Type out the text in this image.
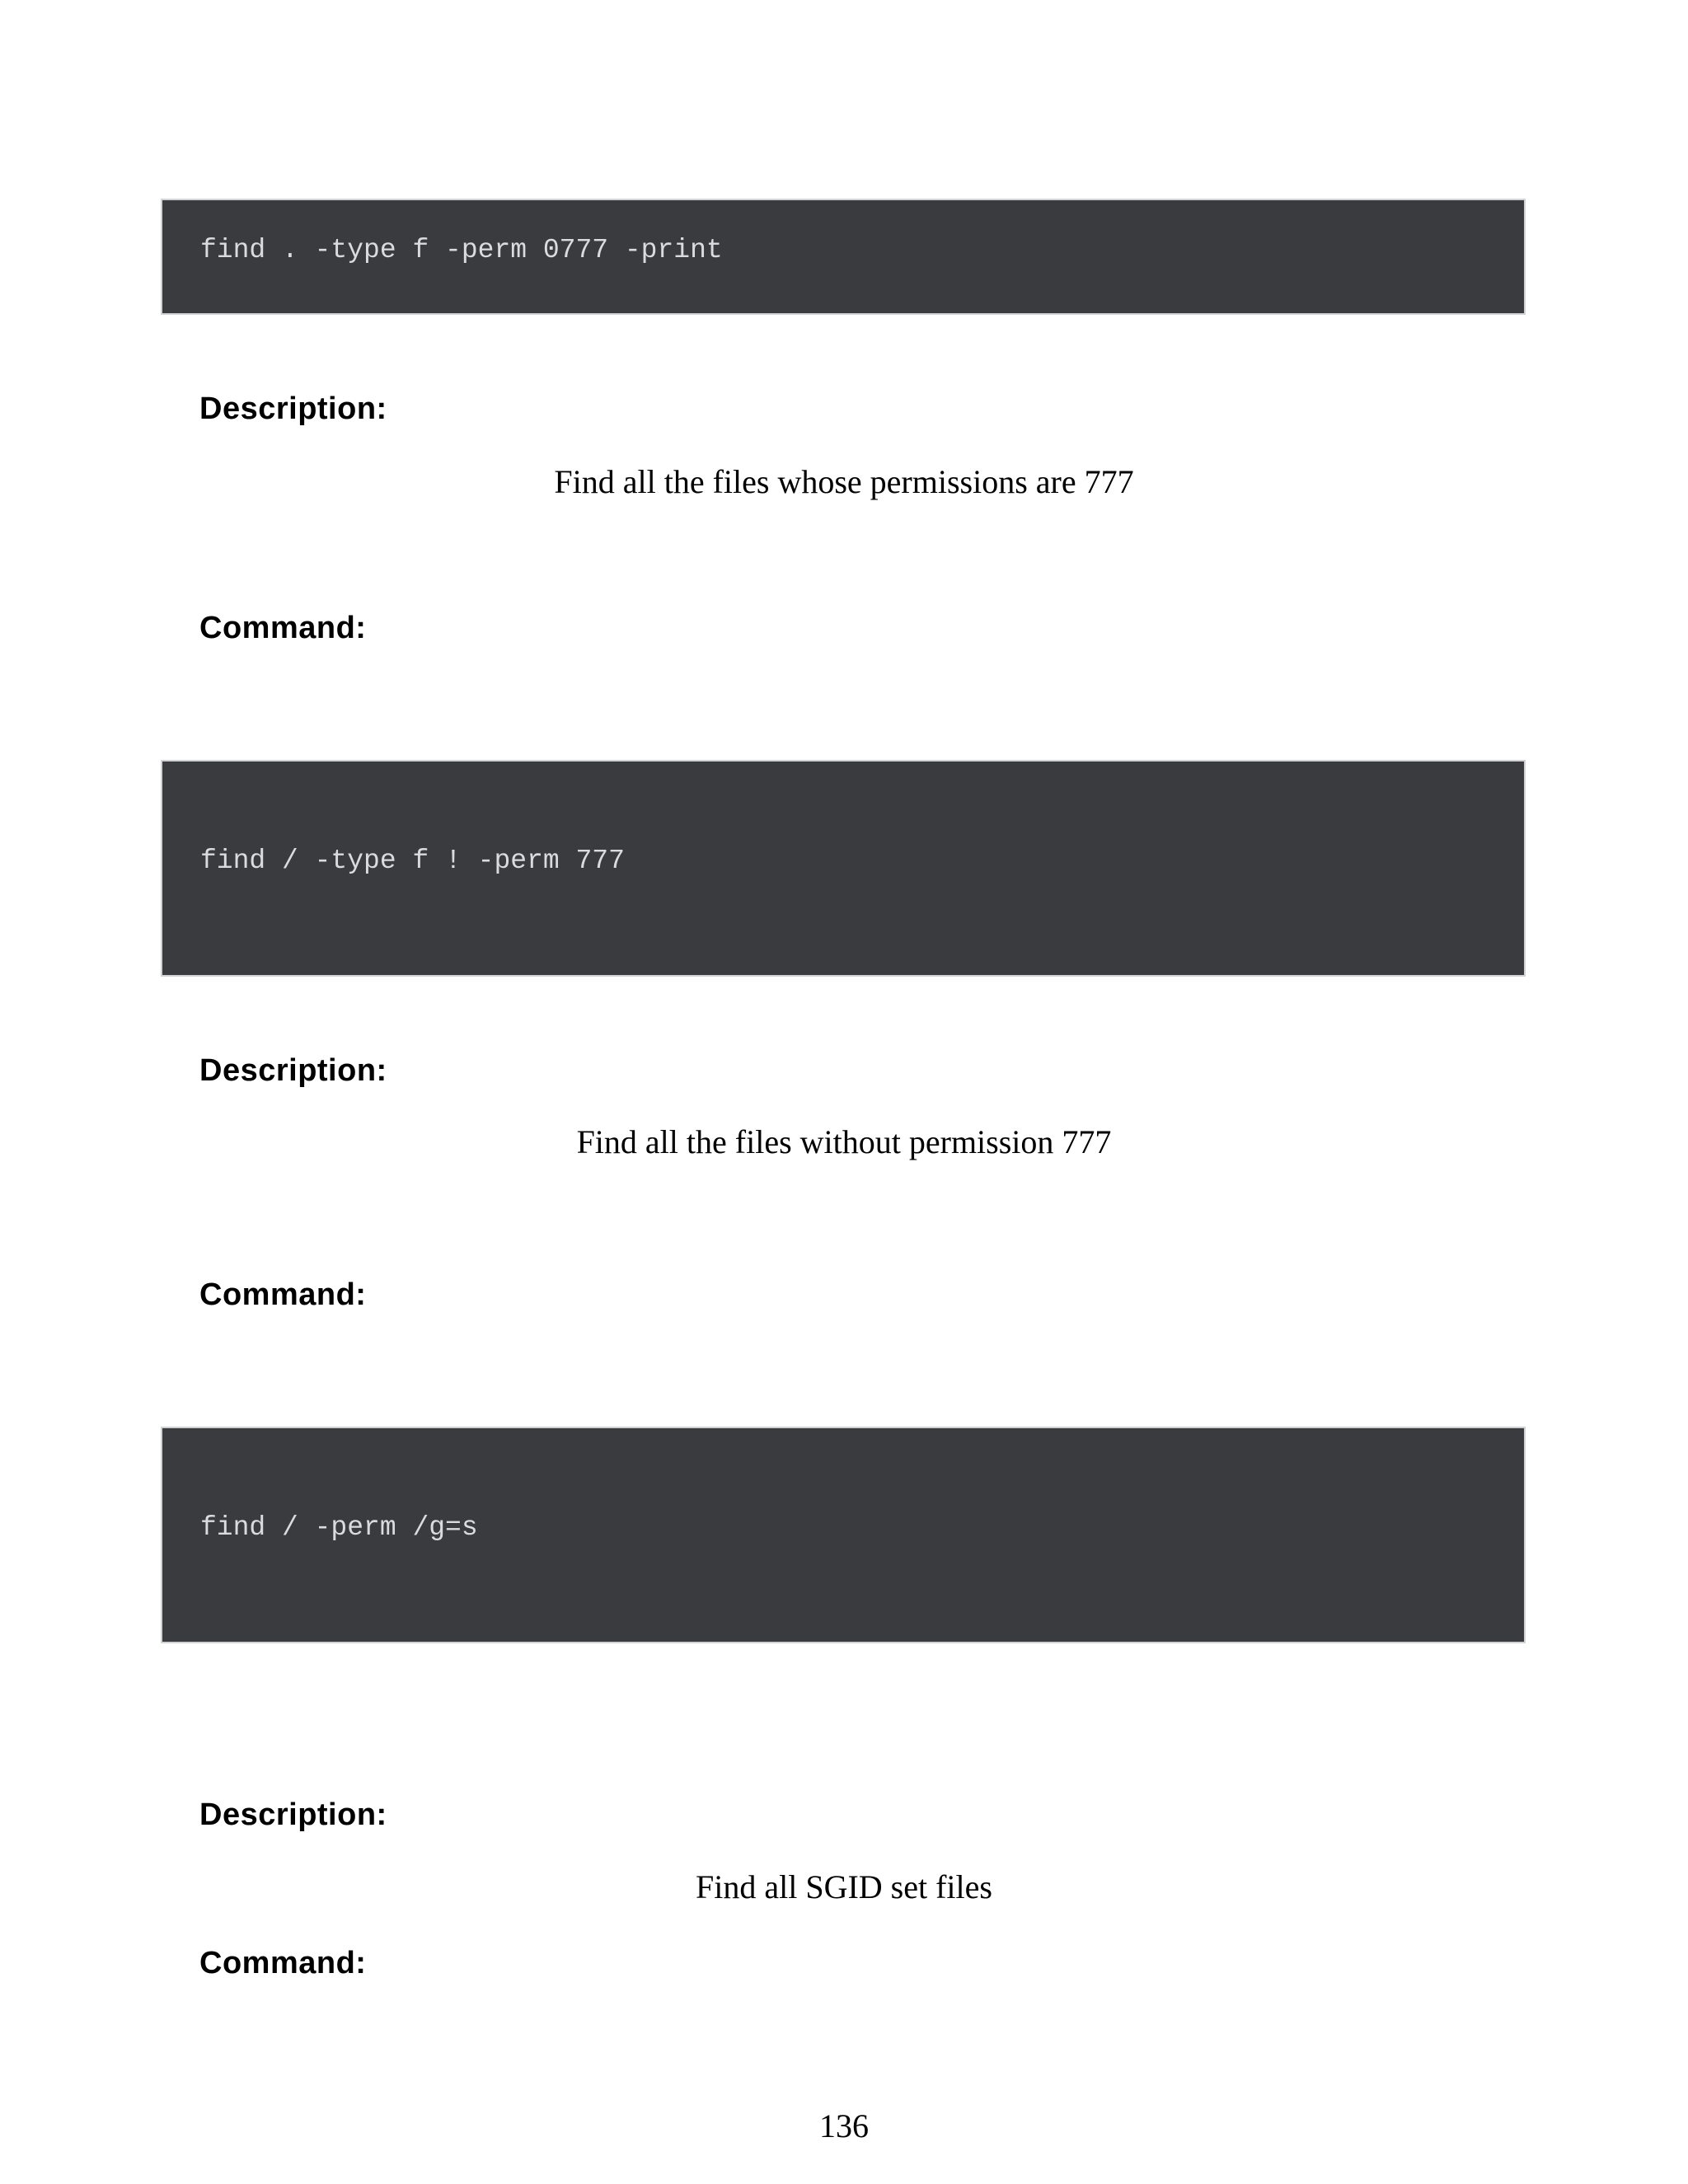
find . -type f -perm 0777 -print
Description:
Find all the files whose permissions are 777
Command:
find / -type f ! -perm 777
Description:
Find all the files without permission 777
Command:
find / -perm /g=s
Description:
Find all SGID set files
Command:
136
